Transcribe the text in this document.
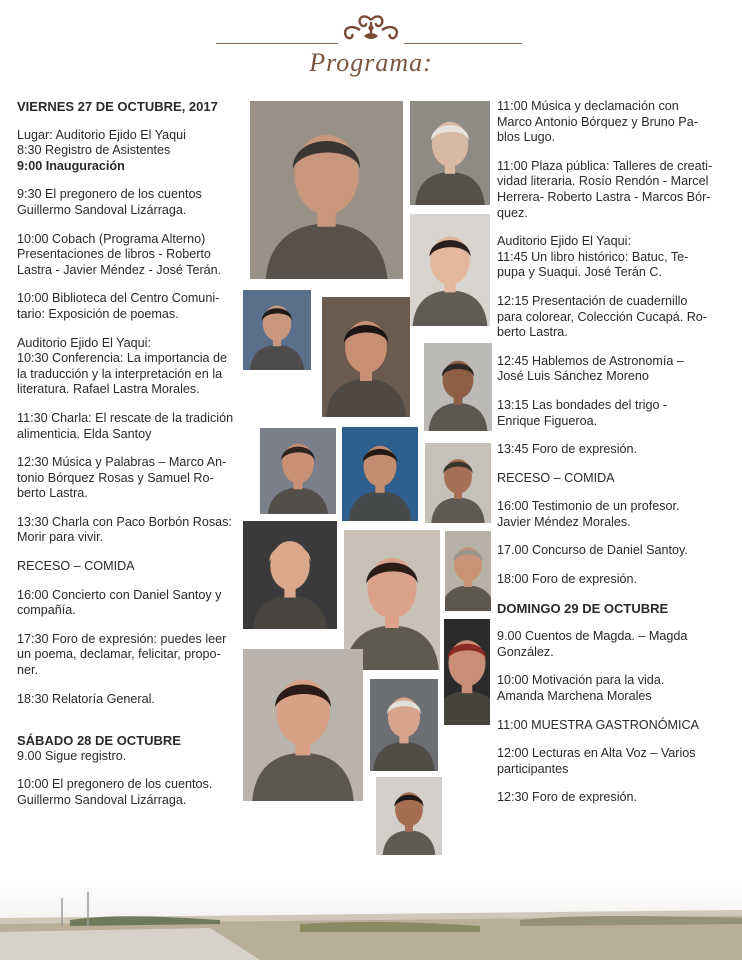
Programa:

VIERNES 27 DE OCTUBRE, 2017

Lugar: Auditorio Ejido El Yaqui
8:30 Registro de Asistentes
9:00 Inauguración

9:30 El pregonero de los cuentos
Guillermo Sandoval Lizárraga.

10:00 Cobach (Programa Alterno)
Presentaciones de libros - Roberto
Lastra - Javier Méndez - José Terán.

10:00 Biblioteca del Centro Comuni-
tario: Exposición de poemas.

Auditorio Ejido El Yaqui:
10:30 Conferencia: La importancia de
la traducción y la interpretación en la
literatura. Rafael Lastra Morales.

11:30 Charla: El rescate de la tradición
alimenticia. Elda Santoy

12:30 Música y Palabras – Marco An-
tonio Bórquez Rosas y Samuel Ro-
berto Lastra.

13:30 Charla con Paco Borbón Rosas:
Morir para vivir.

RECESO – COMIDA

16:00 Concierto con Daniel Santoy y
compañía.

17:30 Foro de expresión: puedes leer
un poema, declamar, felicitar, propo-
ner.

18:30 Relatoría General.

SÁBADO 28 DE OCTUBRE

9.00 Sigue registro.

10:00 El pregonero de los cuentos.
Guillermo Sandoval Lizárraga.

11:00 Música y declamación con
Marco Antonio Bórquez y Bruno Pa-
blos Lugo.

11:00 Plaza pública: Talleres de creati-
vidad literaria. Rosío Rendón - Marcel
Herrera- Roberto Lastra - Marcos Bór-
quez.

Auditorio Ejido El Yaqui:
11:45 Un libro histórico: Batuc, Te-
pupa y Suaqui. José Terán C.

12:15 Presentación de cuadernillo
para colorear, Colección Cucapá. Ro-
berto Lastra.

12:45 Hablemos de Astronomía –
José Luis Sánchez Moreno

13:15 Las bondades del trigo -
Enrique Figueroa.

13:45 Foro de expresión.

RECESO – COMIDA

16:00 Testimonio de un profesor.
Javier Méndez Morales.

17.00 Concurso de Daniel Santoy.

18:00 Foro de expresión.

DOMINGO 29 DE OCTUBRE

9.00 Cuentos de Magda. – Magda
González.

10:00 Motivación para la vida.
Amanda Marchena Morales

11:00 MUESTRA GASTRONÓMICA

12:00 Lecturas en Alta Voz – Varios
participantes

12:30 Foro de expresión.
